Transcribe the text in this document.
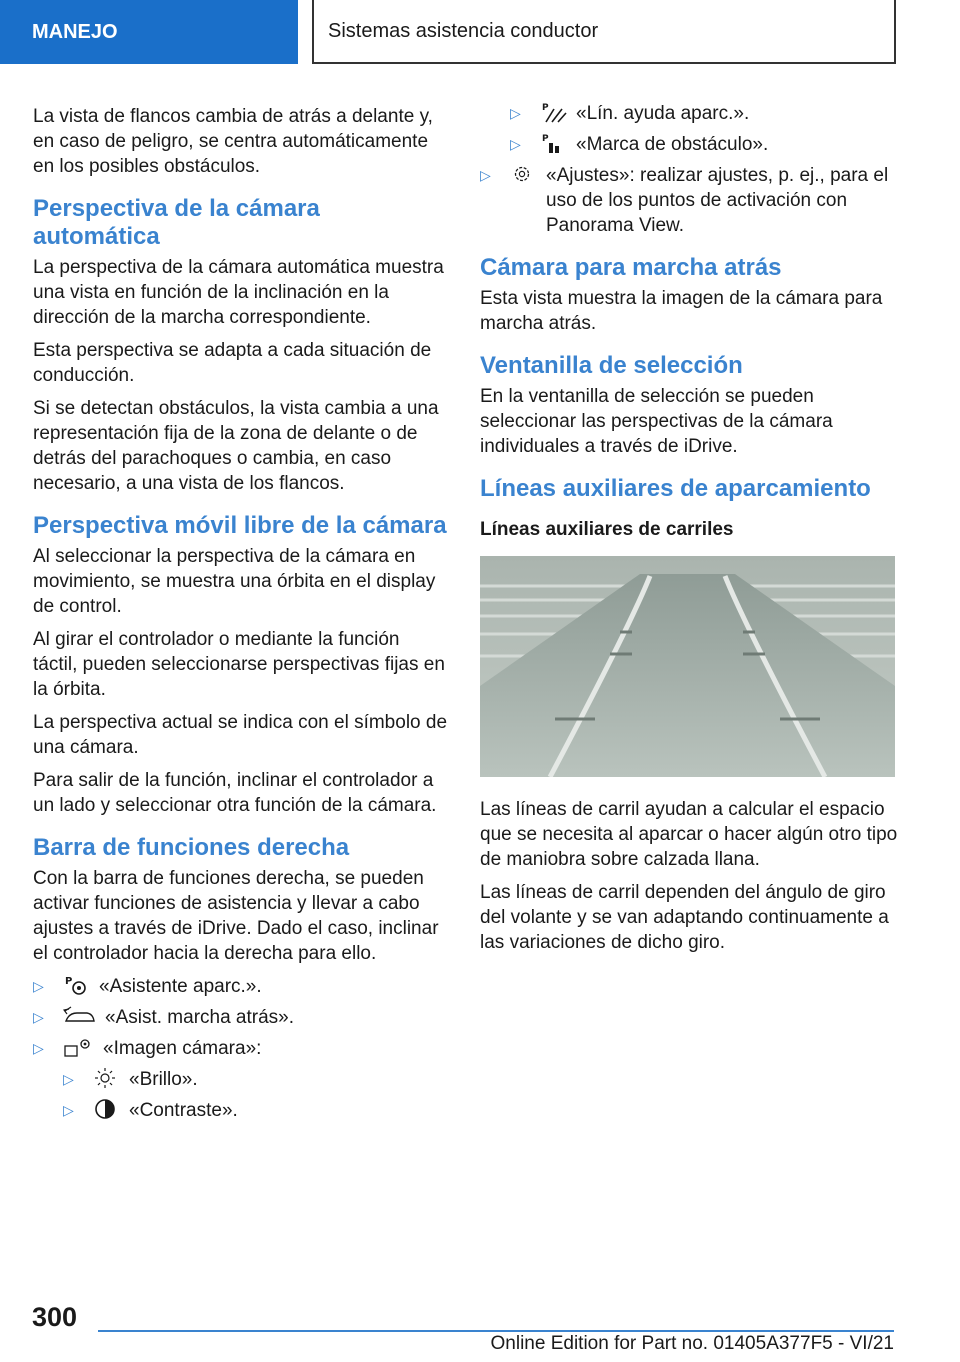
MANEJO	Sistemas asistencia conductor

La vista de flancos cambia de atrás a delante y, en caso de peligro, se centra automáticamente en los posibles obstáculos.

Perspectiva de la cámara automática

La perspectiva de la cámara automática muestra una vista en función de la inclinación en la dirección de la marcha correspondiente.

Esta perspectiva se adapta a cada situación de conducción.

Si se detectan obstáculos, la vista cambia a una representación fija de la zona de delante o de detrás del parachoques o cambia, en caso necesario, a una vista de los flancos.

Perspectiva móvil libre de la cámara

Al seleccionar la perspectiva de la cámara en movimiento, se muestra una órbita en el display de control.

Al girar el controlador o mediante la función táctil, pueden seleccionarse perspectivas fijas en la órbita.

La perspectiva actual se indica con el símbolo de una cámara.

Para salir de la función, inclinar el controlador a un lado y seleccionar otra función de la cámara.

Barra de funciones derecha

Con la barra de funciones derecha, se pueden activar funciones de asistencia y llevar a cabo ajustes a través de iDrive. Dado el caso, inclinar el controlador hacia la derecha para ello.

▷ P «Asistente aparc.».
▷	«Asist. marcha atrás».
▷	«Imagen cámara»:
▷	«Brillo».
▷	«Contraste».
▷ P «Lín. ayuda aparc.».
▷ P «Marca de obstáculo».
▷	«Ajustes»: realizar ajustes, p. ej., para el uso de los puntos de activación con Panorama View.
Cámara para marcha atrás

Esta vista muestra la imagen de la cámara para marcha atrás.

Ventanilla de selección

En la ventanilla de selección se pueden seleccionar las perspectivas de la cámara individuales a través de iDrive.

Líneas auxiliares de aparcamiento
Líneas auxiliares de carriles

Las líneas de carril ayudan a calcular el espacio que se necesita al aparcar o hacer algún otro tipo de maniobra sobre calzada llana.

Las líneas de carril dependen del ángulo de giro del volante y se van adaptando continuamente a las variaciones de dicho giro.

300
Online Edition for Part no. 01405A377F5 - VI/21
